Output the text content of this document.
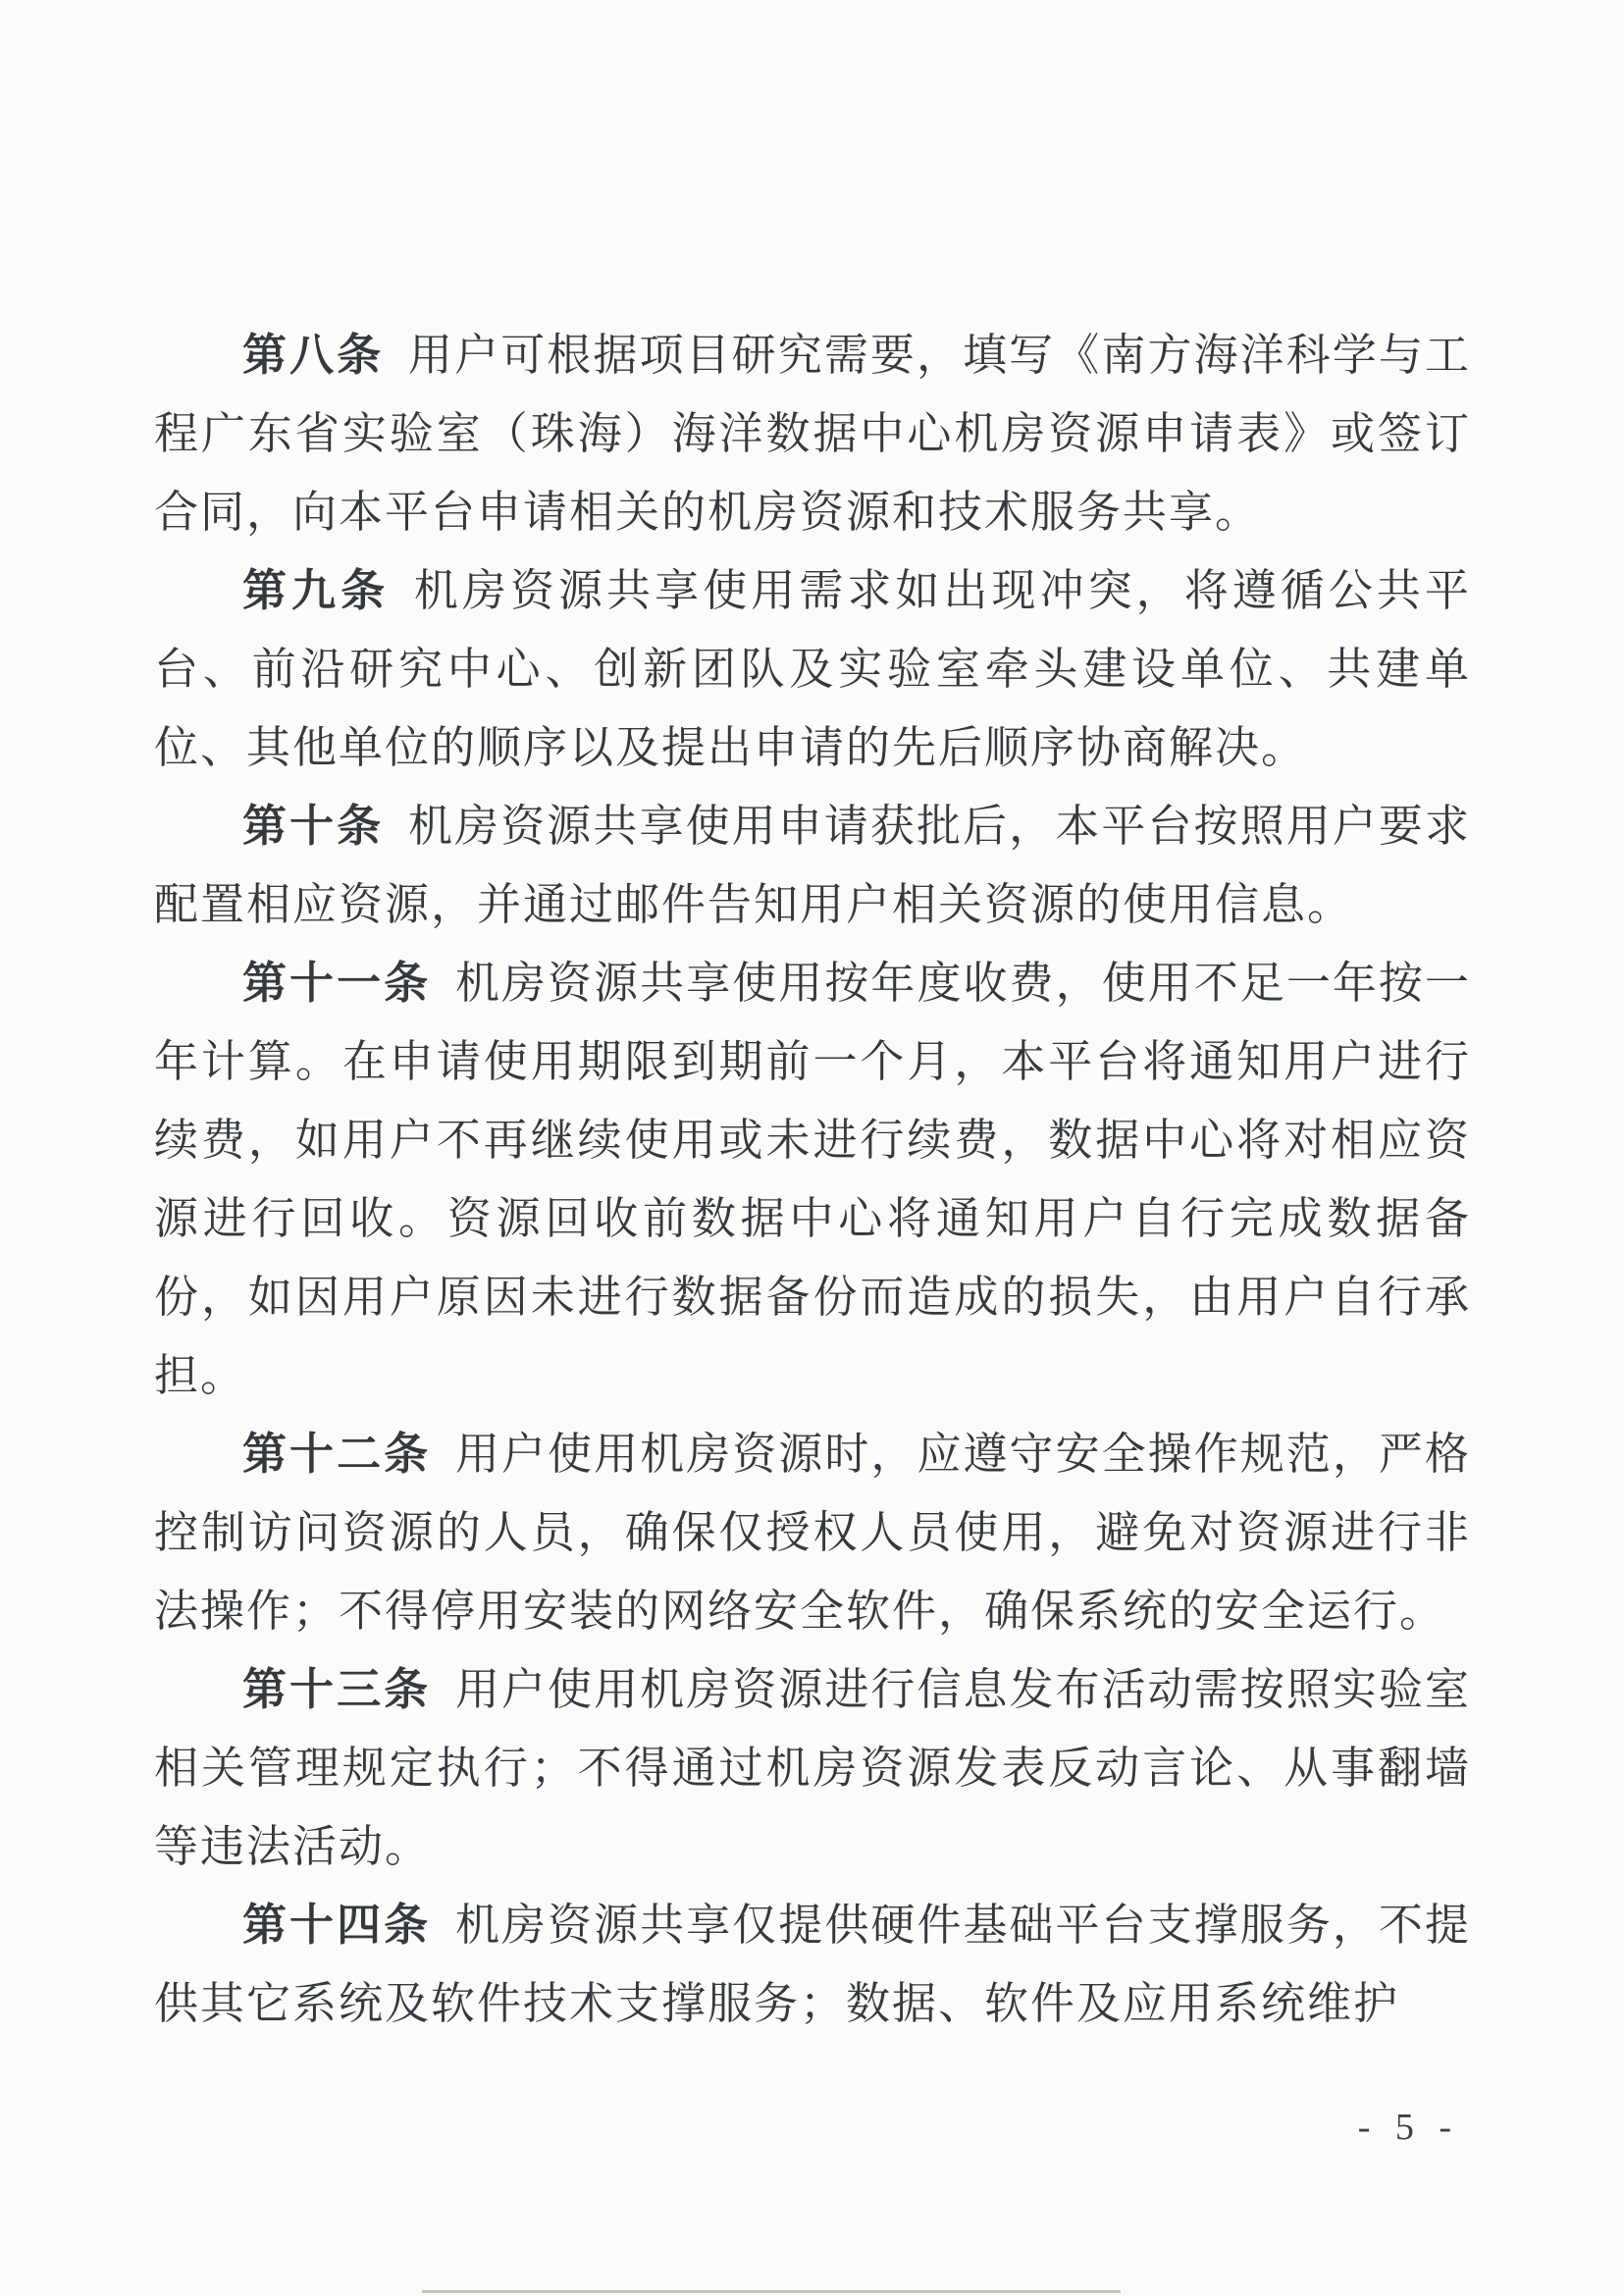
第八条 用户可根据项目研究需要，填写《南方海洋科学与工程广东省实验室（珠海）海洋数据中心机房资源申请表》或签订合同，向本平台申请相关的机房资源和技术服务共享。

第九条 机房资源共享使用需求如出现冲突，将遵循公共平台、前沿研究中心、创新团队及实验室牵头建设单位、共建单位、其他单位的顺序以及提出申请的先后顺序协商解决。

第十条 机房资源共享使用申请获批后，本平台按照用户要求配置相应资源，并通过邮件告知用户相关资源的使用信息。

第十一条 机房资源共享使用按年度收费，使用不足一年按一年计算。在申请使用期限到期前一个月，本平台将通知用户进行续费，如用户不再继续使用或未进行续费，数据中心将对相应资源进行回收。资源回收前数据中心将通知用户自行完成数据备份，如因用户原因未进行数据备份而造成的损失，由用户自行承担。

第十二条 用户使用机房资源时，应遵守安全操作规范，严格控制访问资源的人员，确保仅授权人员使用，避免对资源进行非法操作；不得停用安装的网络安全软件，确保系统的安全运行。

第十三条 用户使用机房资源进行信息发布活动需按照实验室相关管理规定执行；不得通过机房资源发表反动言论、从事翻墙等违法活动。

第十四条 机房资源共享仅提供硬件基础平台支撑服务，不提供其它系统及软件技术支撑服务；数据、软件及应用系统维护

- 5 -
